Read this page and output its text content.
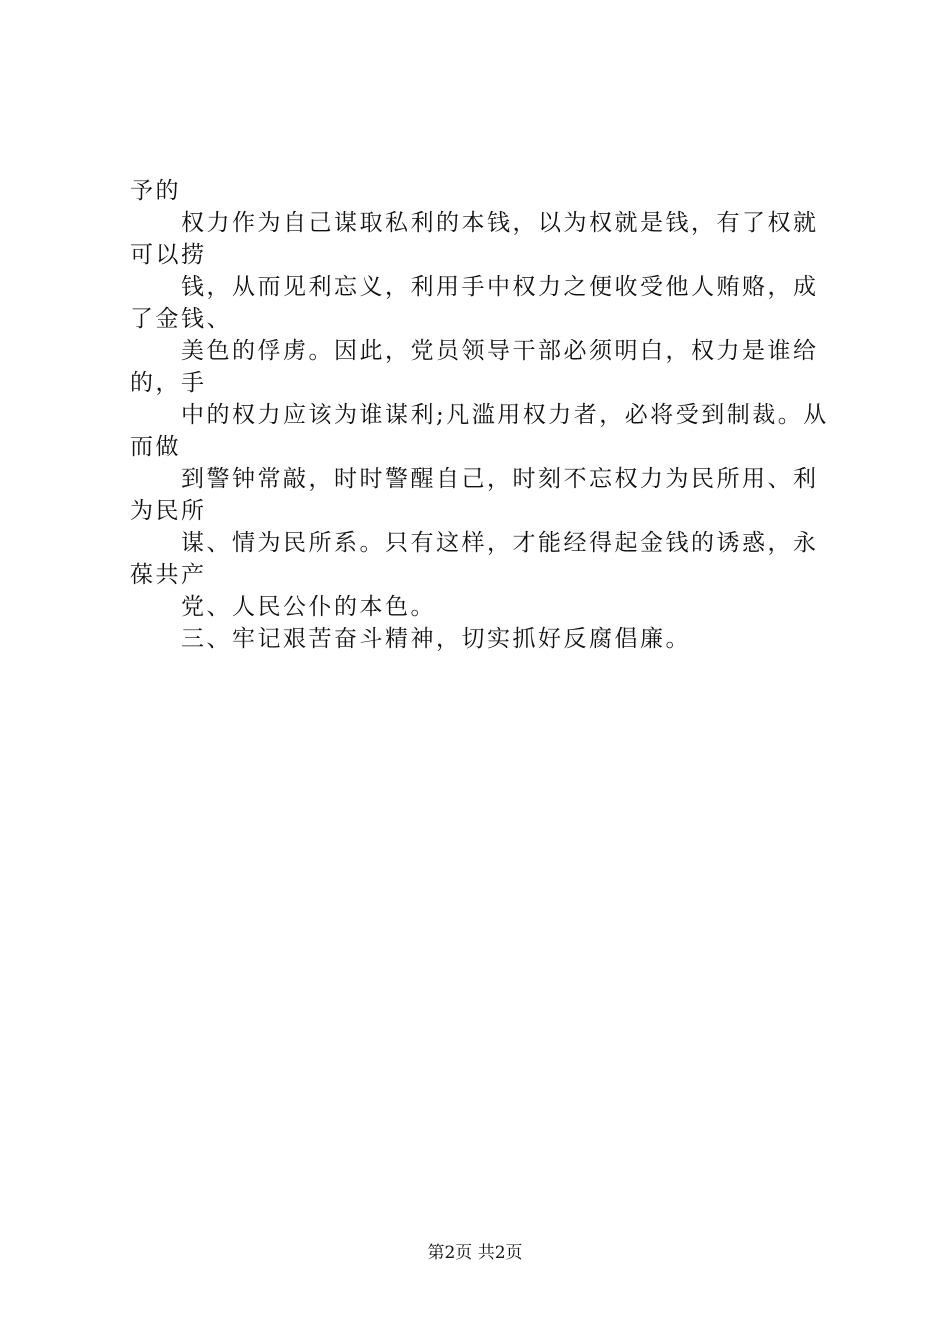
予的
权力作为自己谋取私利的本钱，以为权就是钱，有了权就
可以捞
钱，从而见利忘义，利用手中权力之便收受他人贿赂，成
了金钱、
美色的俘虏。因此，党员领导干部必须明白，权力是谁给
的，手
中的权力应该为谁谋利;凡滥用权力者，必将受到制裁。从
而做
到警钟常敲，时时警醒自己，时刻不忘权力为民所用、利
为民所
谋、情为民所系。只有这样，才能经得起金钱的诱惑，永
葆共产
党、人民公仆的本色。
三、牢记艰苦奋斗精神，切实抓好反腐倡廉。
第2页 共2页
